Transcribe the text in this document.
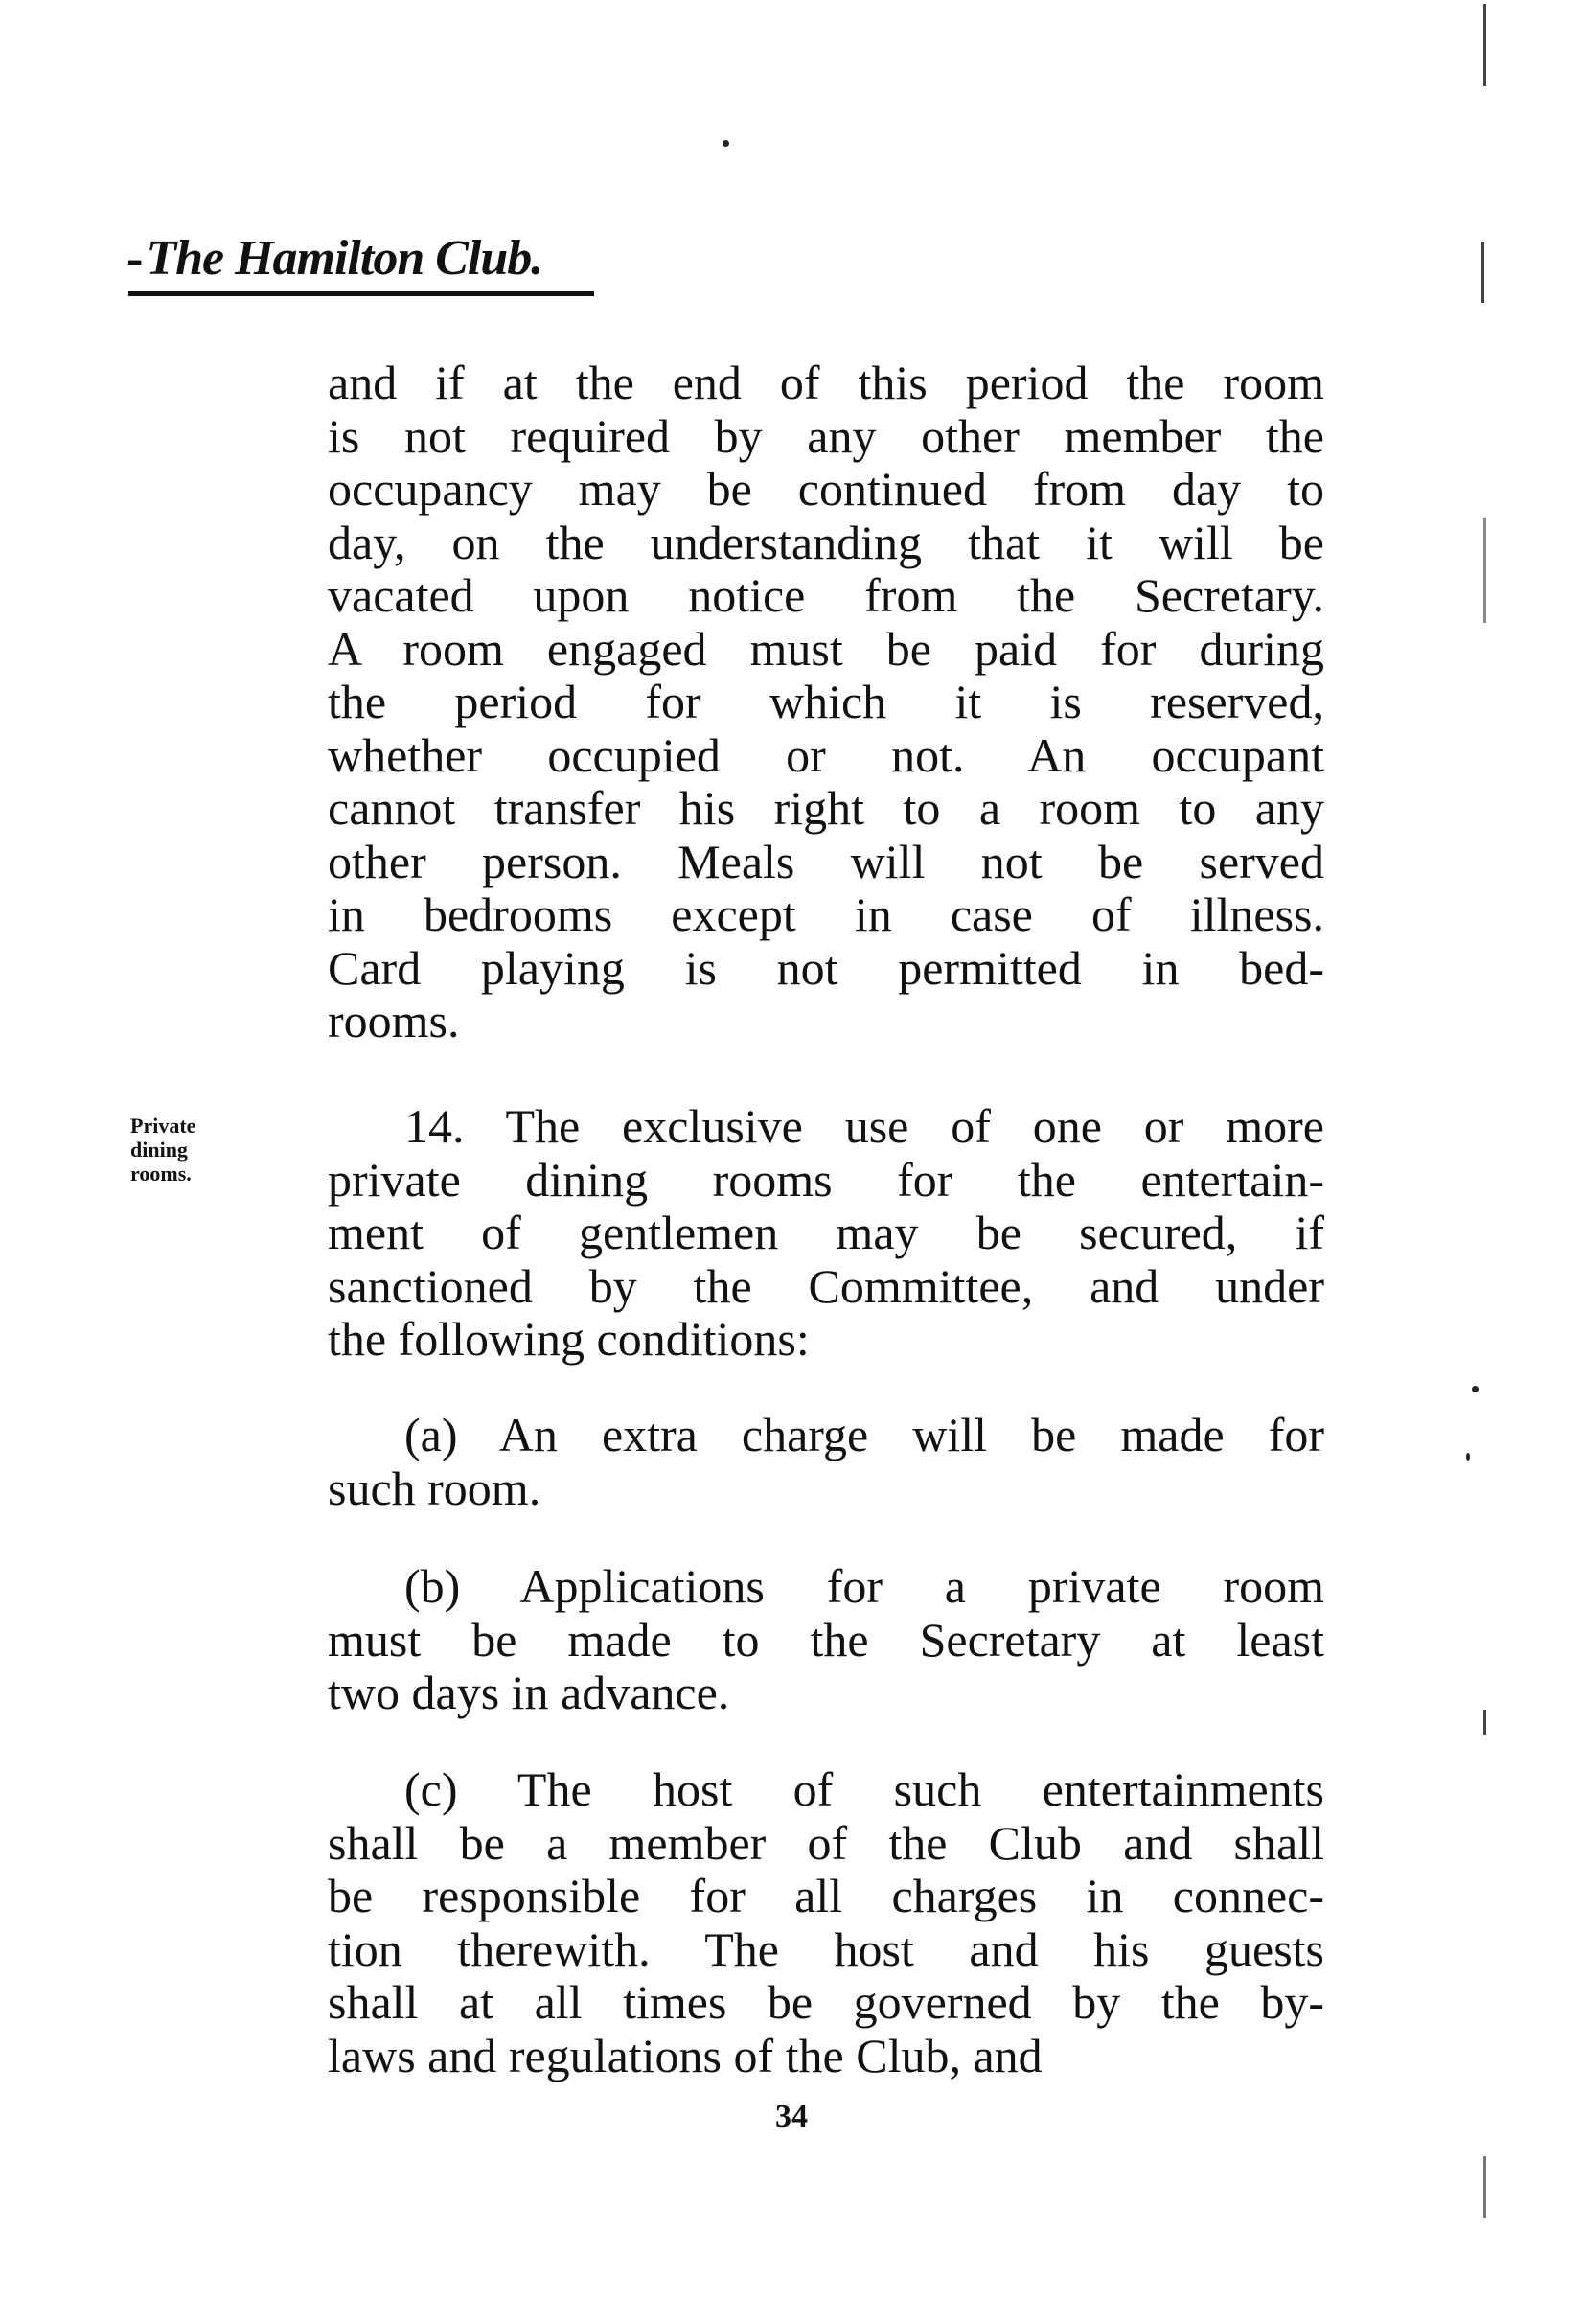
-The Hamilton Club.
and if at the end of this period the room
is not required by any other member the
occupancy may be continued from day to
day, on the understanding that it will be
vacated upon notice from the Secretary.
A room engaged must be paid for during
the period for which it is reserved,
whether occupied or not. An occupant
cannot transfer his right to a room to any
other person. Meals will not be served
in bedrooms except in case of illness.
Card playing is not permitted in bed-
rooms.
Private
dining
rooms.
14. The exclusive use of one or more
private dining rooms for the entertain-
ment of gentlemen may be secured, if
sanctioned by the Committee, and under
the following conditions:
(a) An extra charge will be made for
such room.
(b) Applications for a private room
must be made to the Secretary at least
two days in advance.
(c) The host of such entertainments
shall be a member of the Club and shall
be responsible for all charges in connec-
tion therewith. The host and his guests
shall at all times be governed by the by-
laws and regulations of the Club, and
34
